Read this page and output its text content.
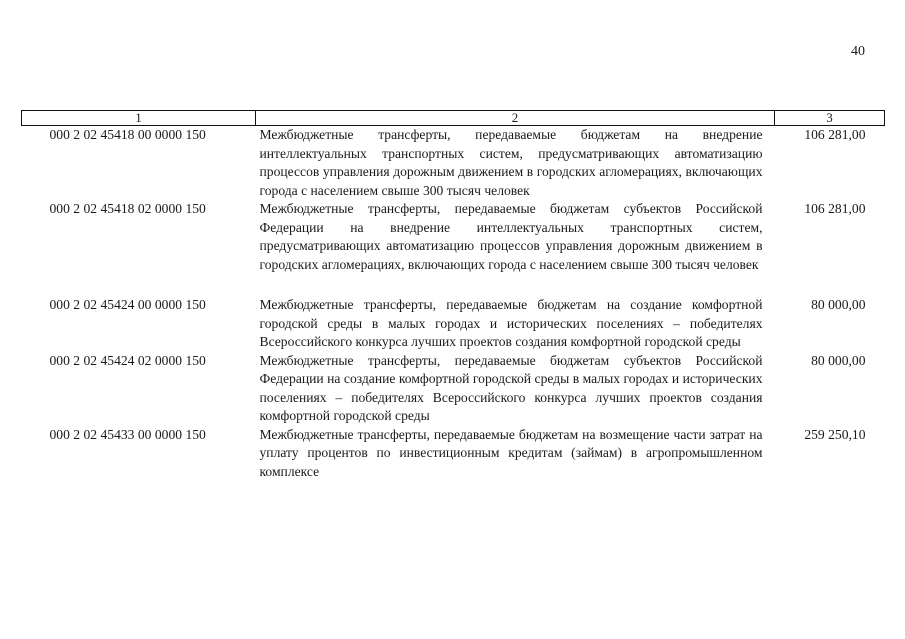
40
1	2	3
000 2 02 45418 00 0000 150	Межбюджетные трансферты, передаваемые бюджетам на внедрение интеллектуальных транспортных систем, предусматривающих автоматизацию процессов управления дорожным движением в городских агломерациях, включающих города с населением свыше 300 тысяч человек	106 281,00
000 2 02 45418 02 0000 150	Межбюджетные трансферты, передаваемые бюджетам субъектов Российской Федерации на внедрение интеллектуальных транспортных систем, предусматривающих автоматизацию процессов управления дорожным движением в городских агломерациях, включающих города с населением свыше 300 тысяч человек	106 281,00
000 2 02 45424 00 0000 150	Межбюджетные трансферты, передаваемые бюджетам на создание комфортной городской среды в малых городах и исторических поселениях – победителях Всероссийского конкурса лучших проектов создания комфортной городской среды	80 000,00
000 2 02 45424 02 0000 150	Межбюджетные трансферты, передаваемые бюджетам субъектов Российской Федерации на создание комфортной городской среды в малых городах и исторических поселениях – победителях Всероссийского конкурса лучших проектов создания комфортной городской среды	80 000,00
000 2 02 45433 00 0000 150	Межбюджетные трансферты, передаваемые бюджетам на возмещение части затрат на уплату процентов по инвестиционным кредитам (займам) в агропромышленном комплексе	259 250,10
